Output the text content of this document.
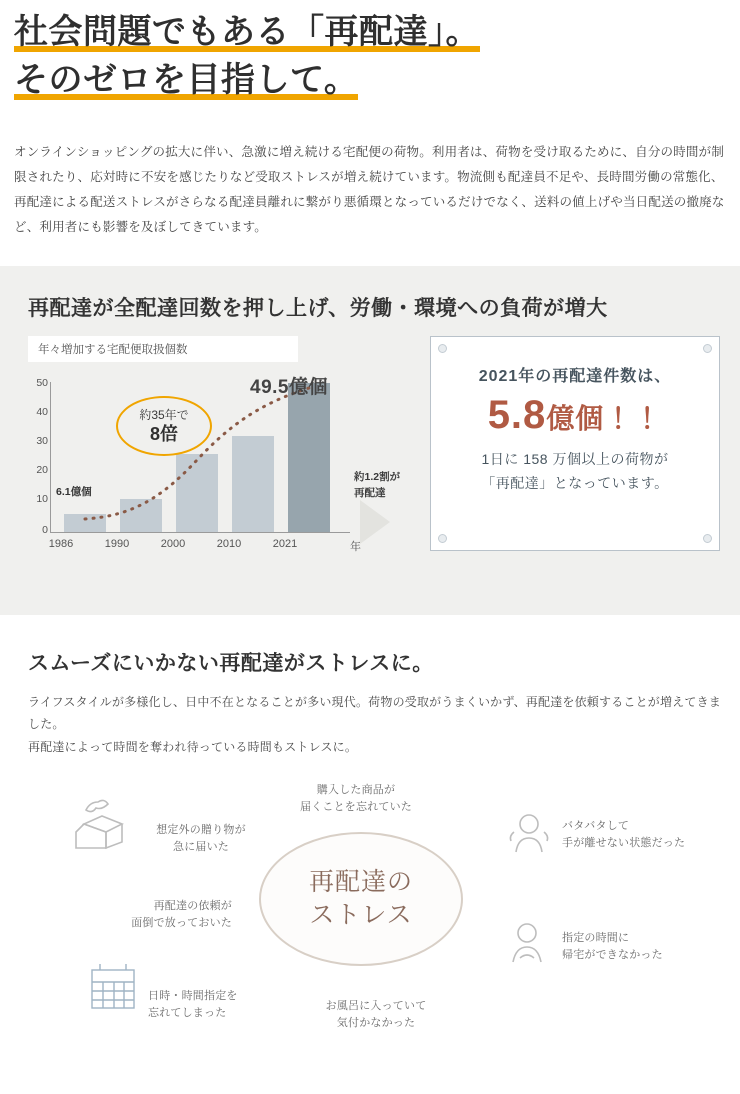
社会問題でもある「再配達」。
そのゼロを目指して。

オンラインショッピングの拡大に伴い、急激に増え続ける宅配便の荷物。利用者は、荷物を受け取るために、自分の時間が制限されたり、応対時に不安を感じたりなど受取ストレスが増え続けています。物流側も配達員不足や、長時間労働の常態化、再配達による配送ストレスがさらなる配達員離れに繋がり悪循環となっているだけでなく、送料の値上げや当日配送の撤廃など、利用者にも影響を及ぼしてきています。

再配達が全配達回数を押し上げ、労働・環境への負荷が増大
年々増加する宅配便取扱個数
50
40
30
20
10
0
6.1億個
49.5億個
約35年で
8倍
1986	1990	2000	2010	2021	年
約1.2割が
再配達
2021年の再配達件数は、
5.8億個！！
1日に 158 万個以上の荷物が
「再配達」となっています。
スムーズにいかない再配達がストレスに。

ライフスタイルが多様化し、日中不在となることが多い現代。荷物の受取がうまくいかず、再配達を依頼することが増えてきました。

再配達によって時間を奪われ待っている時間もストレスに。

再配達の
ストレス
想定外の贈り物が
急に届いた
購入した商品が
届くことを忘れていた
バタバタして
手が離せない状態だった
再配達の依頼が
面倒で放っておいた
指定の時間に
帰宅ができなかった
日時・時間指定を
忘れてしまった
お風呂に入っていて
気付かなかった
